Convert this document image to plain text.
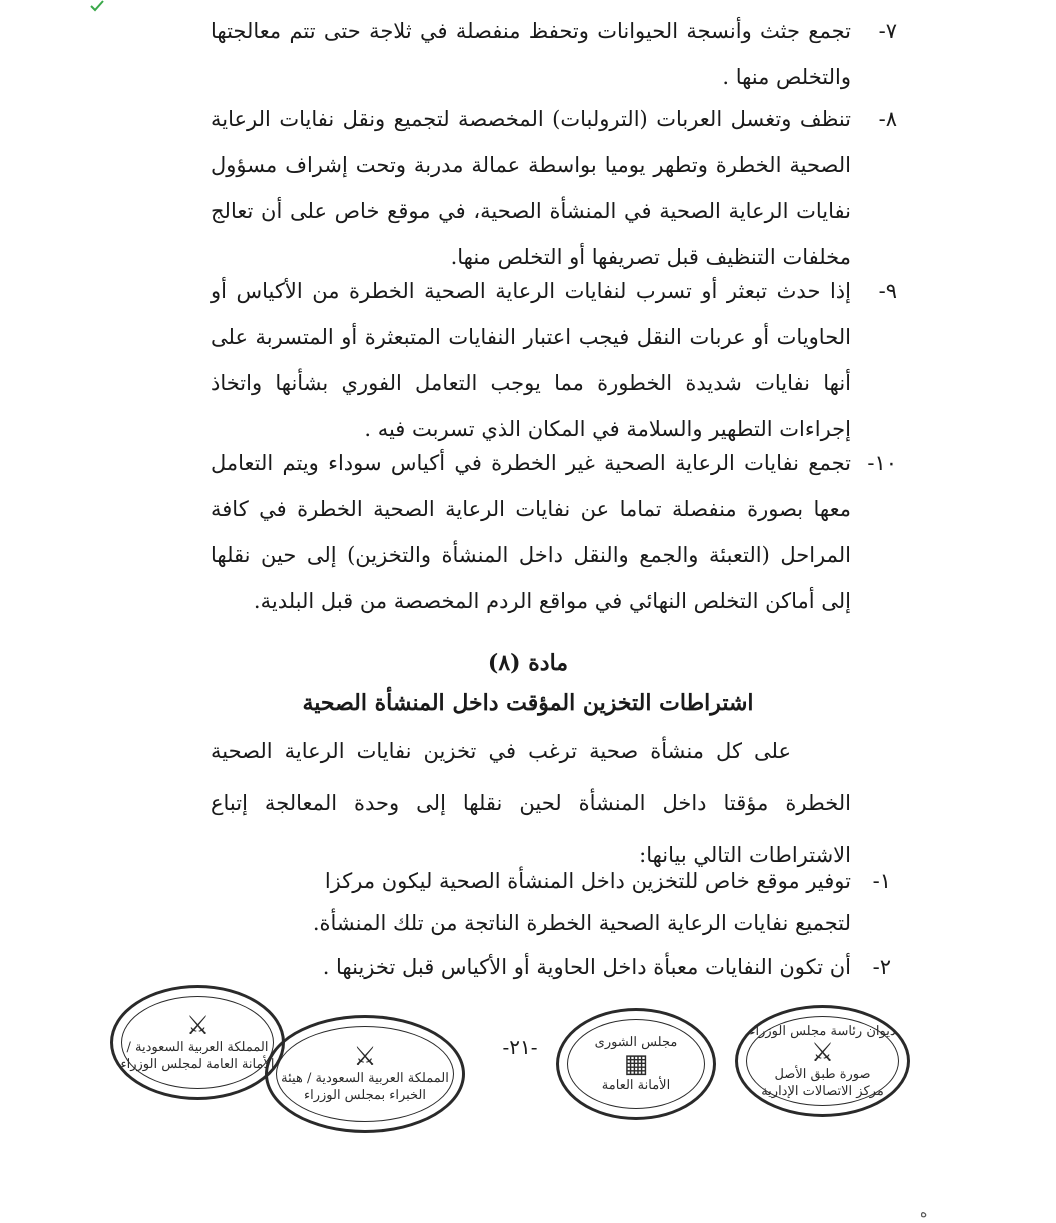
٧-

تجمع جثث وأنسجة الحيوانات وتحفظ منفصلة في ثلاجة حتى تتم معالجتها والتخلص منها .

٨-

تنظف وتغسل العربات (الترولبات) المخصصة لتجميع ونقل نفايات الرعاية الصحية الخطرة وتطهر يوميا بواسطة عمالة مدربة وتحت إشراف مسؤول نفايات الرعاية الصحية في المنشأة الصحية، في موقع خاص على أن تعالج مخلفات التنظيف قبل تصريفها أو التخلص منها.

٩-

إذا حدث تبعثر أو تسرب لنفايات الرعاية الصحية الخطرة من الأكياس أو الحاويات أو عربات النقل فيجب اعتبار النفايات المتبعثرة أو المتسربة على أنها نفايات شديدة الخطورة مما يوجب التعامل الفوري بشأنها واتخاذ إجراءات التطهير والسلامة في المكان الذي تسربت فيه .

١٠-

تجمع نفايات الرعاية الصحية غير الخطرة في أكياس سوداء ويتم التعامل معها بصورة منفصلة تماما عن نفايات الرعاية الصحية الخطرة في كافة المراحل (التعبئة والجمع والنقل داخل المنشأة والتخزين) إلى حين نقلها إلى أماكن التخلص النهائي في مواقع الردم المخصصة من قبل البلدية.

مادة (٨)
اشتراطات التخزين المؤقت داخل المنشأة الصحية
على كل منشأة صحية ترغب في تخزين نفايات الرعاية الصحية الخطرة مؤقتا داخل المنشأة لحين نقلها إلى وحدة المعالجة إتباع الاشتراطات التالي بيانها:
١-
توفير موقع خاص للتخزين داخل المنشأة الصحية ليكون مركزا لتجميع نفايات الرعاية الصحية الخطرة الناتجة من تلك المنشأة.
٢-
أن تكون النفايات معبأة داخل الحاوية أو الأكياس قبل تخزينها .
⚔
المملكة العربية السعودية / الأمانة العامة لمجلس الوزراء	⚔
المملكة العربية السعودية / هيئة الخبراء بمجلس الوزراء
-٢١-	مجلس الشورى
▦
الأمانة العامة
ديوان رئاسة مجلس الوزراء
⚔
صورة طبق الأصل
مركز الاتصالات الإدارية
ه
